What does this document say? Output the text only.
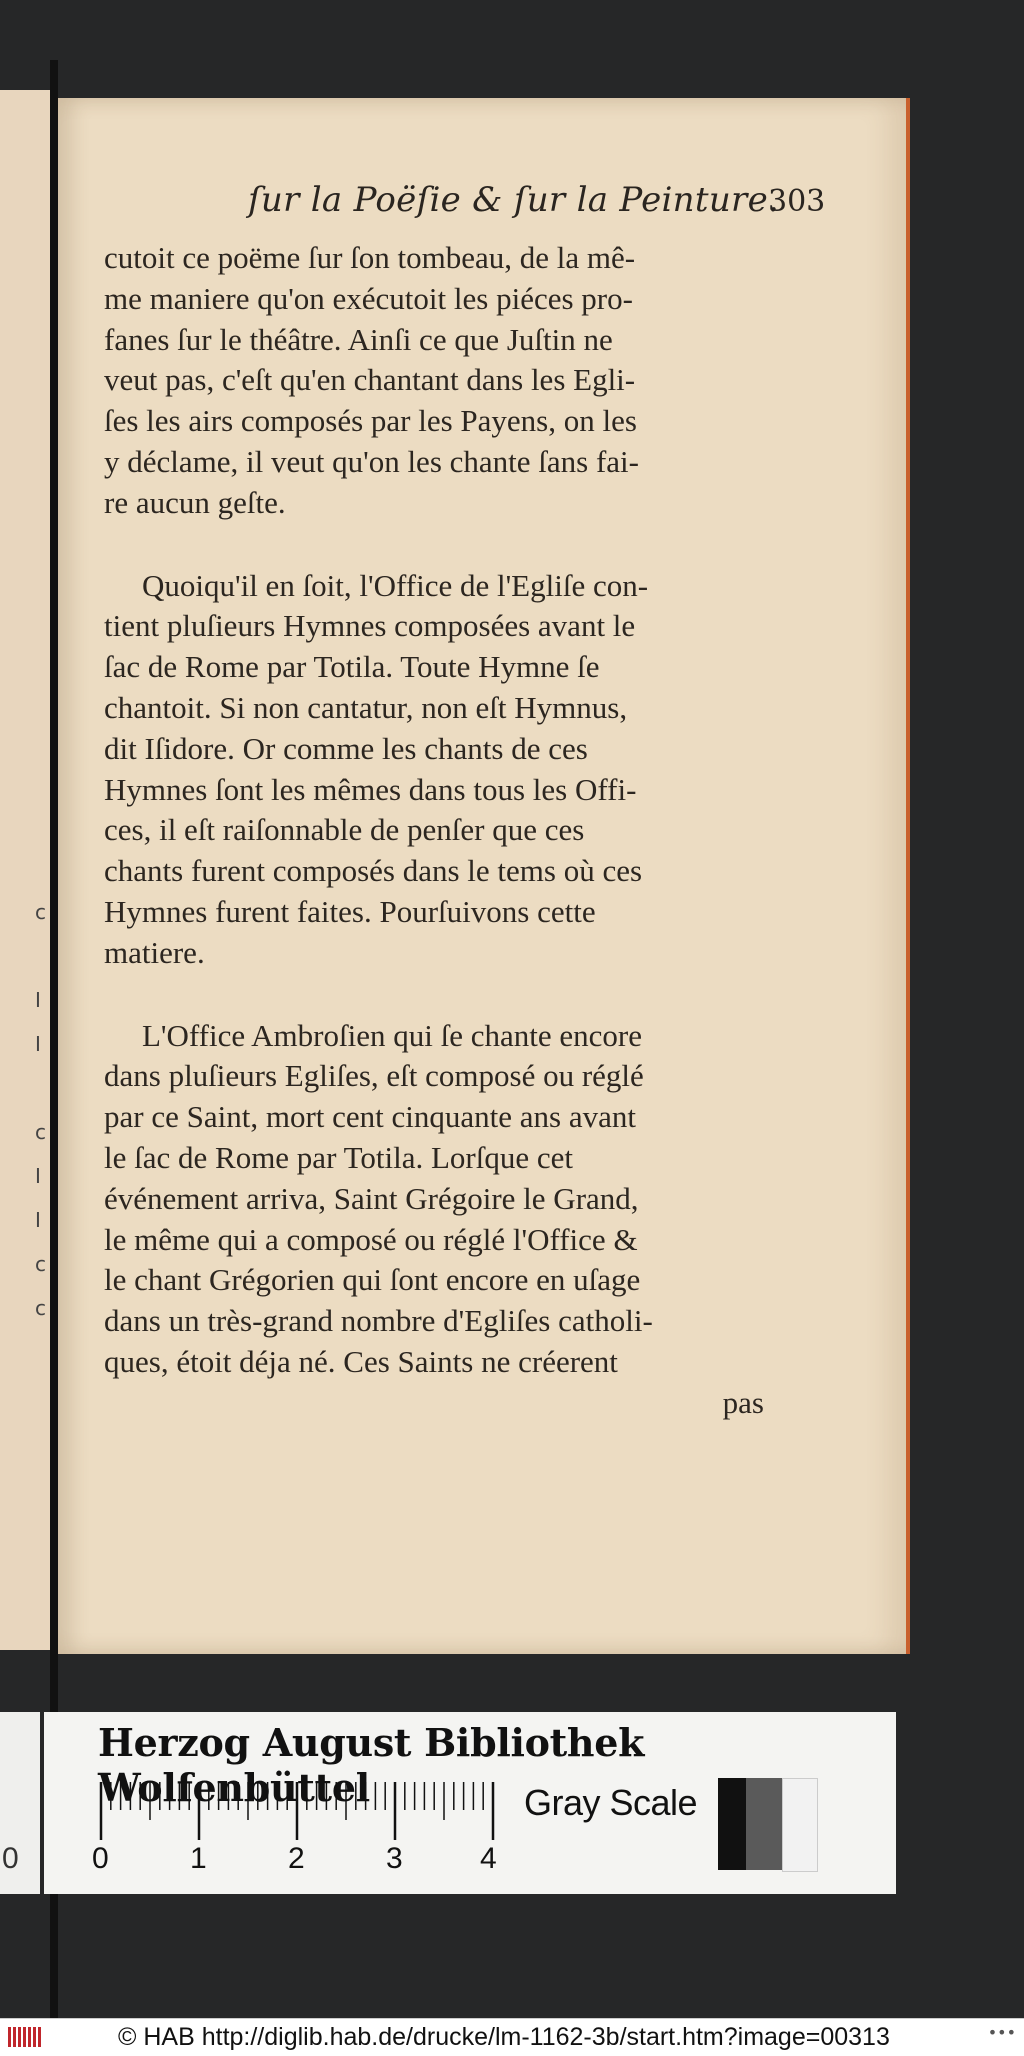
c

I
I

c
I
I
c
c
ſur la Poëſie & ſur la Peinture.
303

cutoit ce poëme ſur ſon tombeau, de la mê-

me maniere qu'on exécutoit les piéces pro-

fanes ſur le théâtre. Ainſi ce que Juſtin ne

veut pas, c'eſt qu'en chantant dans les Egli-

ſes les airs composés par les Payens, on les

y déclame, il veut qu'on les chante ſans fai-

re aucun geſte.

Quoiqu'il en ſoit, l'Office de l'Egliſe con-

tient pluſieurs Hymnes composées avant le

ſac de Rome par Totila. Toute Hymne ſe

chantoit. Si non cantatur, non eſt Hymnus,

dit Iſidore. Or comme les chants de ces

Hymnes ſont les mêmes dans tous les Offi-

ces, il eſt raiſonnable de penſer que ces

chants furent composés dans le tems où ces

Hymnes furent faites. Pourſuivons cette

matiere.

L'Office Ambroſien qui ſe chante encore

dans pluſieurs Egliſes, eſt composé ou réglé

par ce Saint, mort cent cinquante ans avant

le ſac de Rome par Totila. Lorſque cet

événement arriva, Saint Grégoire le Grand,

le même qui a composé ou réglé l'Office &

le chant Grégorien qui ſont encore en uſage

dans un très-grand nombre d'Egliſes catholi-

ques, étoit déja né. Ces Saints ne créerent

pas

0
Herzog August Bibliothek Wolfenbüttel	Gray Scale
0	1	2	3	4
© HAB http://diglib.hab.de/drucke/lm-1162-3b/start.htm?image=00313	•••
